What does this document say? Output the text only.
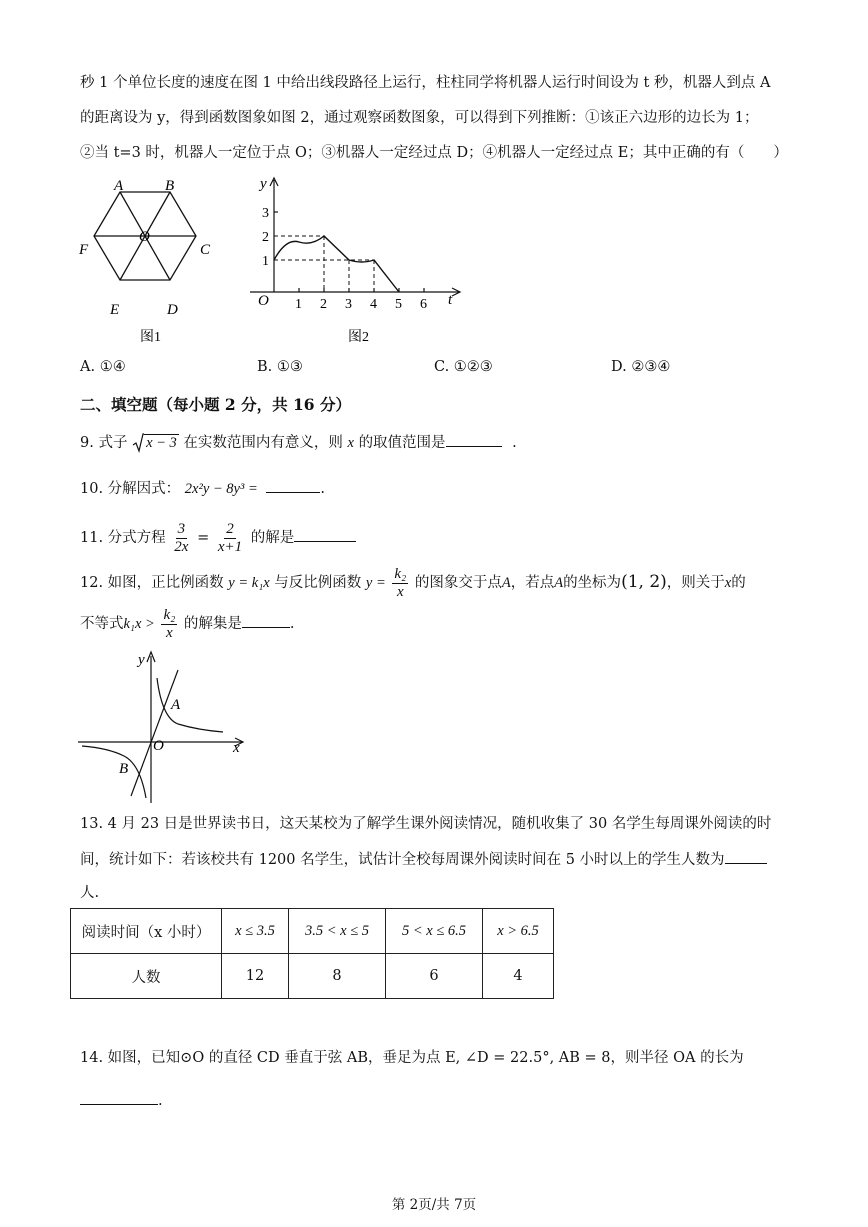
秒 1 个单位长度的速度在图 1 中给出线段路径上运行，柱柱同学将机器人运行时间设为 t 秒，机器人到点 A
的距离设为 y，得到函数图象如图 2，通过观察函数图象，可以得到下列推断：①该正六边形的边长为 1；
②当 t=3 时，机器人一定位于点 O；③机器人一定经过点 D；④机器人一定经过点 E；其中正确的有（　　）
A	B
C
D
E
F
O
图1
y
t
O 1 2 3 4 5 6
1
2
3
图2
A. ①④	B. ①③	C. ①②③	D. ②③④
二、填空题（每小题 2 分，共 16 分）
9. 式子 x − 3 在实数范围内有意义，则 x 的取值范围是	.
10. 分解因式： 2x²y − 8y³ =	.
11. 分式方程 $\frac{3}{2x} = \frac{2}{x+1}$ 的解是
12. 如图，正比例函数 y = k₁x 与反比例函数 $y = \frac{\text{k₂}}{x}$ 的图象交于点A，若点A的坐标为(1, 2)，则关于x的
不等式$k_1x > \frac{\text{k₂}}{x}$ 的解集是	.
y
x
O
A
B
13. 4 月 23 日是世界读书日，这天某校为了解学生课外阅读情况，随机收集了 30 名学生每周课外阅读的时
间，统计如下：若该校共有 1200 名学生，试估计全校每周课外阅读时间在 5 小时以上的学生人数为
人.
阅读时间（x 小时）	x ≤ 3.5	3.5 < x ≤ 5	5 < x ≤ 6.5	x > 6.5
人数	12	8	6	4
14. 如图，已知⊙O 的直径 CD 垂直于弦 AB，垂足为点 E, ∠D = 22.5°, AB = 8，则半径 OA 的长为
.
第 2页/共 7页
